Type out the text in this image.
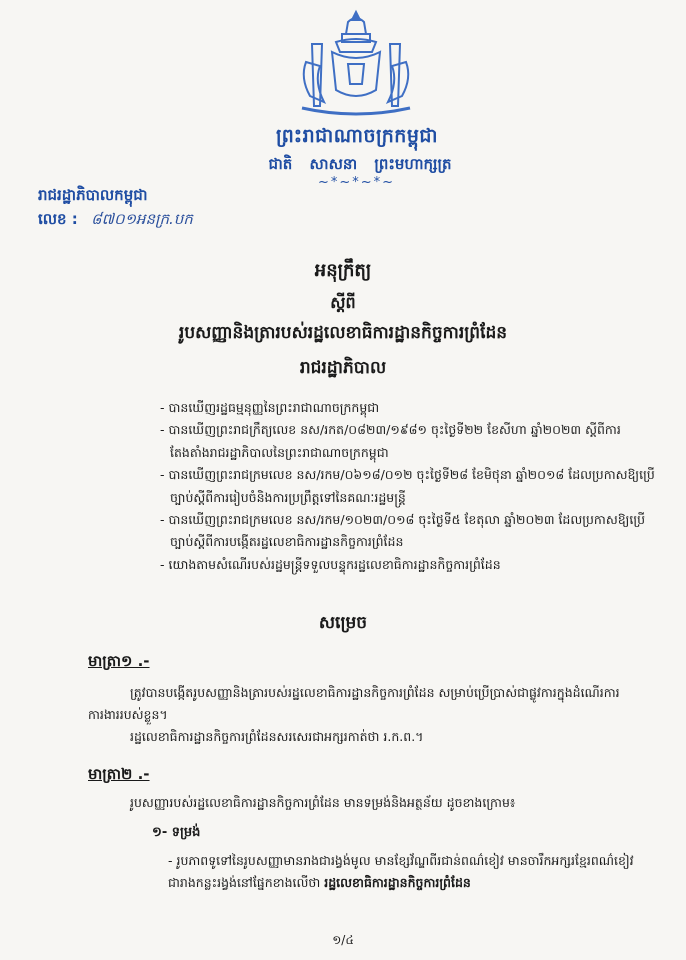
ព្រះរាជាណាចក្រកម្ពុជា
ជាតិ សាសនា ព្រះមហាក្សត្រ
~*~*~*~
រាជរដ្ឋាភិបាលកម្ពុជា
លេខ : ៨៧០១អនក្រ.បក
អនុក្រឹត្យ
ស្តីពី
រូបសញ្ញានិងត្រារបស់រដ្ឋលេខាធិការដ្ឋានកិច្ចការព្រំដែន
រាជរដ្ឋាភិបាល
- បានឃើញរដ្ឋធម្មនុញ្ញនៃព្រះរាជាណាចក្រកម្ពុជា
- បានឃើញព្រះរាជក្រឹត្យលេខ នស/រកត/០៨២៣/១៩៨១ ចុះថ្ងៃទី២២ ខែសីហា ឆ្នាំ២០២៣ ស្តីពីការតែងតាំងរាជរដ្ឋាភិបាលនៃព្រះរាជាណាចក្រកម្ពុជា
- បានឃើញព្រះរាជក្រមលេខ នស/រកម/០៦១៨/០១២ ចុះថ្ងៃទី២៨ ខែមិថុនា ឆ្នាំ២០១៨ ដែលប្រកាសឱ្យប្រើច្បាប់ស្តីពីការរៀបចំនិងការប្រព្រឹត្តទៅនៃគណៈរដ្ឋមន្ត្រី
- បានឃើញព្រះរាជក្រមលេខ នស/រកម/១០២៣/០១៨ ចុះថ្ងៃទី៥ ខែតុលា ឆ្នាំ២០២៣ ដែលប្រកាសឱ្យប្រើច្បាប់ស្តីពីការបង្កើតរដ្ឋលេខាធិការដ្ឋានកិច្ចការព្រំដែន
- យោងតាមសំណើរបស់រដ្ឋមន្ត្រីទទួលបន្ទុករដ្ឋលេខាធិការដ្ឋានកិច្ចការព្រំដែន
សម្រេច
មាត្រា១ .-

ត្រូវបានបង្កើតរូបសញ្ញានិងត្រារបស់រដ្ឋលេខាធិការដ្ឋានកិច្ចការព្រំដែន សម្រាប់ប្រើប្រាស់ជាផ្លូវការក្នុងដំណើរការការងាររបស់ខ្លួន។

រដ្ឋលេខាធិការដ្ឋានកិច្ចការព្រំដែនសរសេរជាអក្សរកាត់ថា រ.ក.ព.។

មាត្រា២ .-
រូបសញ្ញារបស់រដ្ឋលេខាធិការដ្ឋានកិច្ចការព្រំដែន មានទម្រង់និងអត្ថន័យ ដូចខាងក្រោម៖
១- ទម្រង់
- រូបភាពទូទៅនៃរូបសញ្ញាមានរាងជារង្វង់មូល មានខ្សែវ័ណ្ឌពីរជាន់ពណ៌ខៀវ មានចារឹកអក្សរខ្មែរពណ៌ខៀវ ជារាងកន្លះរង្វង់នៅផ្នែកខាងលើថា រដ្ឋលេខាធិការដ្ឋានកិច្ចការព្រំដែន
១/៤
